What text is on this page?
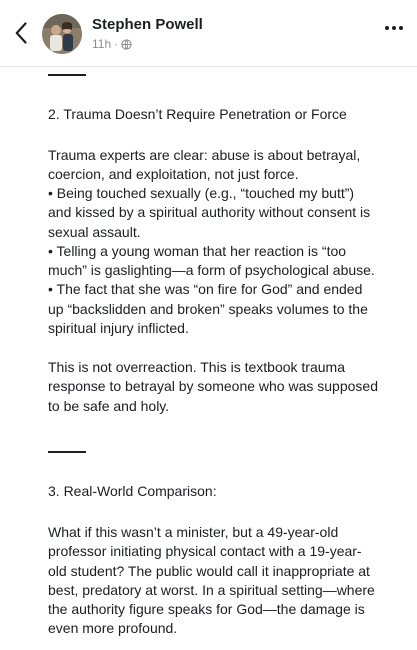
Stephen Powell
11h ·
2. Trauma Doesn’t Require Penetration or Force
Trauma experts are clear: abuse is about betrayal,
coercion, and exploitation, not just force.
• Being touched sexually (e.g., “touched my butt”)
and kissed by a spiritual authority without consent is
sexual assault.
• Telling a young woman that her reaction is “too
much” is gaslighting—a form of psychological abuse.
• The fact that she was “on fire for God” and ended
up “backslidden and broken” speaks volumes to the
spiritual injury inflicted.
This is not overreaction. This is textbook trauma
response to betrayal by someone who was supposed
to be safe and holy.
3. Real-World Comparison:
What if this wasn’t a minister, but a 49-year-old
professor initiating physical contact with a 19-year-
old student? The public would call it inappropriate at
best, predatory at worst. In a spiritual setting—where
the authority figure speaks for God—the damage is
even more profound.
